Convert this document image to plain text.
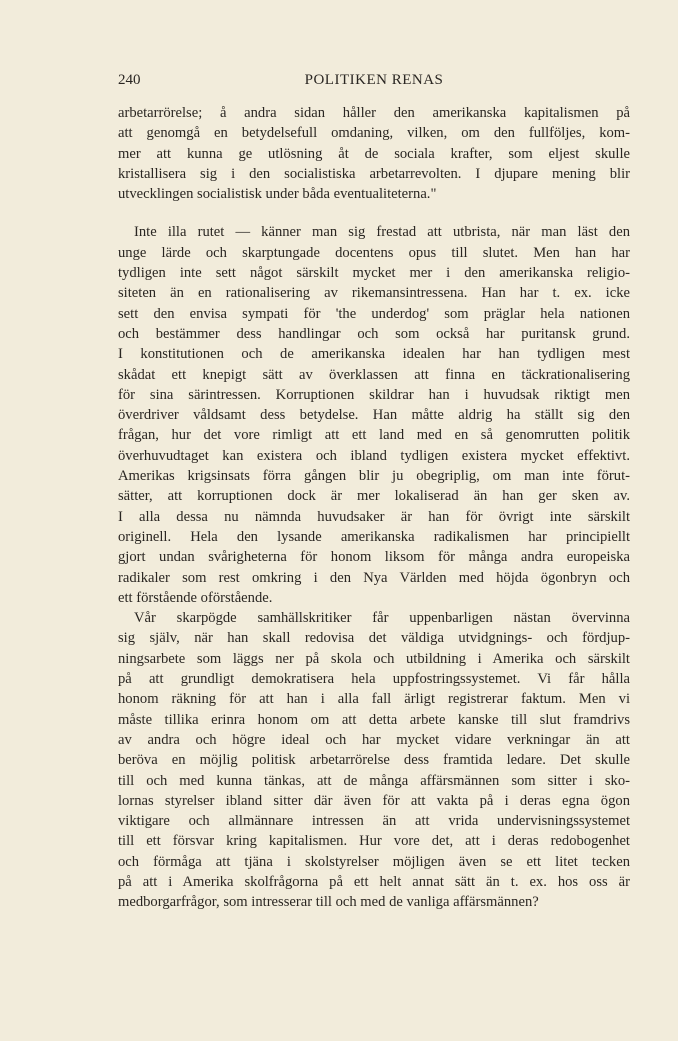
240	POLITIKEN RENAS
arbetarrörelse; å andra sidan håller den amerikanska kapitalismen på
att genomgå en betydelsefull omdaning, vilken, om den fullföljes, kom-
mer att kunna ge utlösning åt de sociala krafter, som eljest skulle
kristallisera sig i den socialistiska arbetarrevolten. I djupare mening blir
utvecklingen socialistisk under båda eventualiteterna."
Inte illa rutet — känner man sig frestad att utbrista, när man läst den
unge lärde och skarptungade docentens opus till slutet. Men han har
tydligen inte sett något särskilt mycket mer i den amerikanska religio-
siteten än en rationalisering av rikemansintressena. Han har t. ex. icke
sett den envisa sympati för 'the underdog' som präglar hela nationen
och bestämmer dess handlingar och som också har puritansk grund.
I konstitutionen och de amerikanska idealen har han tydligen mest
skådat ett knepigt sätt av överklassen att finna en täckrationalisering
för sina särintressen. Korruptionen skildrar han i huvudsak riktigt men
överdriver våldsamt dess betydelse. Han måtte aldrig ha ställt sig den
frågan, hur det vore rimligt att ett land med en så genomrutten politik
överhuvudtaget kan existera och ibland tydligen existera mycket effektivt.
Amerikas krigsinsats förra gången blir ju obegriplig, om man inte förut-
sätter, att korruptionen dock är mer lokaliserad än han ger sken av.
I alla dessa nu nämnda huvudsaker är han för övrigt inte särskilt
originell. Hela den lysande amerikanska radikalismen har principiellt
gjort undan svårigheterna för honom liksom för många andra europeiska
radikaler som rest omkring i den Nya Världen med höjda ögonbryn och
ett förstående oförstående.
Vår skarpögde samhällskritiker får uppenbarligen nästan övervinna
sig själv, när han skall redovisa det väldiga utvidgnings- och fördjup-
ningsarbete som läggs ner på skola och utbildning i Amerika och särskilt
på att grundligt demokratisera hela uppfostringssystemet. Vi får hålla
honom räkning för att han i alla fall ärligt registrerar faktum. Men vi
måste tillika erinra honom om att detta arbete kanske till slut framdrivs
av andra och högre ideal och har mycket vidare verkningar än att
beröva en möjlig politisk arbetarrörelse dess framtida ledare. Det skulle
till och med kunna tänkas, att de många affärsmännen som sitter i sko-
lornas styrelser ibland sitter där även för att vakta på i deras egna ögon
viktigare och allmännare intressen än att vrida undervisningssystemet
till ett försvar kring kapitalismen. Hur vore det, att i deras redobogenhet
och förmåga att tjäna i skolstyrelser möjligen även se ett litet tecken
på att i Amerika skolfrågorna på ett helt annat sätt än t. ex. hos oss är
medborgarfrågor, som intresserar till och med de vanliga affärsmännen?
